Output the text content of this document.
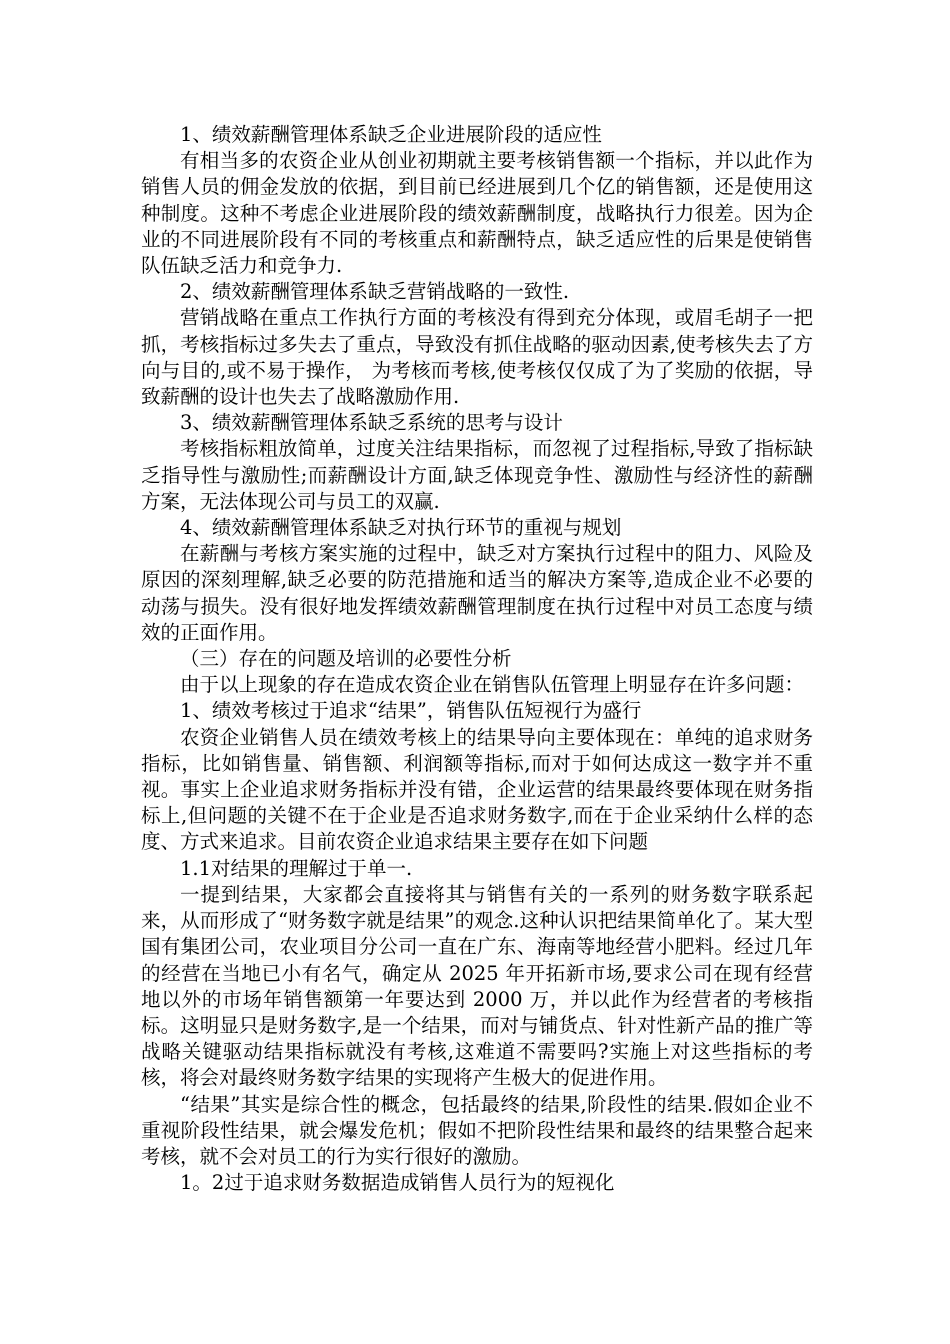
1、绩效薪酬管理体系缺乏企业进展阶段的适应性

有相当多的农资企业从创业初期就主要考核销售额一个指标，并以此作为销售人员的佣金发放的依据，到目前已经进展到几个亿的销售额，还是使用这种制度。这种不考虑企业进展阶段的绩效薪酬制度，战略执行力很差。因为企业的不同进展阶段有不同的考核重点和薪酬特点，缺乏适应性的后果是使销售队伍缺乏活力和竞争力.

2、绩效薪酬管理体系缺乏营销战略的一致性.

营销战略在重点工作执行方面的考核没有得到充分体现，或眉毛胡子一把抓，考核指标过多失去了重点，导致没有抓住战略的驱动因素,使考核失去了方向与目的,或不易于操作， 为考核而考核,使考核仅仅成了为了奖励的依据，导致薪酬的设计也失去了战略激励作用.

3、绩效薪酬管理体系缺乏系统的思考与设计

考核指标粗放简单，过度关注结果指标，而忽视了过程指标,导致了指标缺乏指导性与激励性;而薪酬设计方面,缺乏体现竞争性、激励性与经济性的薪酬方案，无法体现公司与员工的双赢.

4、绩效薪酬管理体系缺乏对执行环节的重视与规划

在薪酬与考核方案实施的过程中，缺乏对方案执行过程中的阻力、风险及原因的深刻理解,缺乏必要的防范措施和适当的解决方案等,造成企业不必要的动荡与损失。没有很好地发挥绩效薪酬管理制度在执行过程中对员工态度与绩效的正面作用。

（三）存在的问题及培训的必要性分析

由于以上现象的存在造成农资企业在销售队伍管理上明显存在许多问题：

1、绩效考核过于追求“结果”，销售队伍短视行为盛行

农资企业销售人员在绩效考核上的结果导向主要体现在：单纯的追求财务指标，比如销售量、销售额、利润额等指标,而对于如何达成这一数字并不重视。事实上企业追求财务指标并没有错，企业运营的结果最终要体现在财务指标上,但问题的关键不在于企业是否追求财务数字,而在于企业采纳什么样的态度、方式来追求。目前农资企业追求结果主要存在如下问题

1.1对结果的理解过于单一.

一提到结果，大家都会直接将其与销售有关的一系列的财务数字联系起来，从而形成了“财务数字就是结果”的观念.这种认识把结果简单化了。某大型国有集团公司，农业项目分公司一直在广东、海南等地经营小肥料。经过几年的经营在当地已小有名气，确定从 2025 年开拓新市场,要求公司在现有经营地以外的市场年销售额第一年要达到 2000 万，并以此作为经营者的考核指标。这明显只是财务数字,是一个结果，而对与铺货点、针对性新产品的推广等战略关键驱动结果指标就没有考核,这难道不需要吗?实施上对这些指标的考核，将会对最终财务数字结果的实现将产生极大的促进作用。

“结果”其实是综合性的概念，包括最终的结果,阶段性的结果.假如企业不重视阶段性结果，就会爆发危机；假如不把阶段性结果和最终的结果整合起来考核，就不会对员工的行为实行很好的激励。

1。2过于追求财务数据造成销售人员行为的短视化
